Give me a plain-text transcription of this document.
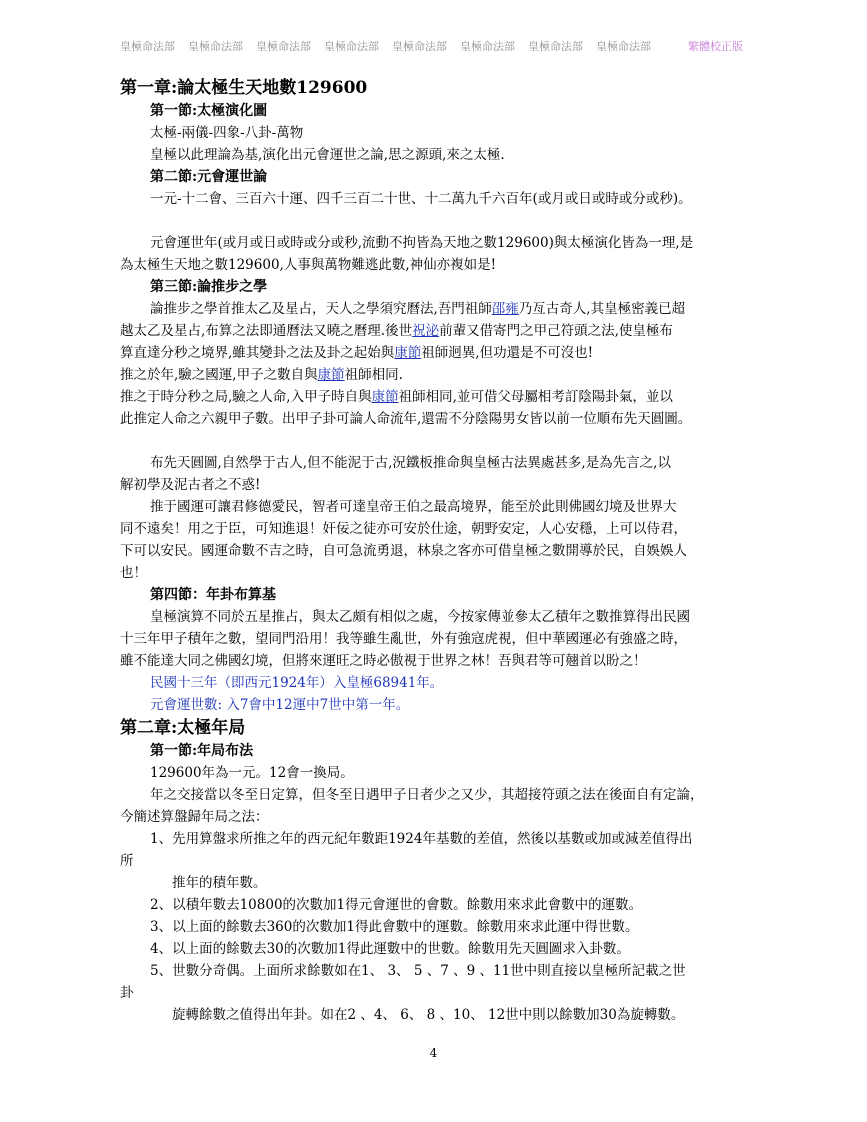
皇極命法部 皇極命法部 皇極命法部 皇極命法部 皇極命法部 皇極命法部 皇極命法部 皇極命法部	繁體校正版
第一章:論太極生天地數129600
第一節:太極演化圖
太極-兩儀-四象-八卦-萬物
皇極以此理論為基,演化出元會運世之論,思之源頭,來之太極.
第二節:元會運世論
一元-十二會、三百六十運、四千三百二十世、十二萬九千六百年(或月或日或時或分或秒)。
元會運世年(或月或日或時或分或秒,流動不拘皆為天地之數129600)與太極演化皆為一理,是
為太極生天地之數129600,人事與萬物難逃此數,神仙亦複如是!
第三節:論推步之學
論推步之學首推太乙及星占，天人之學須究曆法,吾門祖師邵雍乃亙古奇人,其皇極密義已超
越太乙及星占,布算之法即通曆法又曉之曆理.後世祝泌前輩又借寄門之甲己符頭之法,使皇極布
算直達分秒之境界,雖其變卦之法及卦之起始與康節祖師迥異,但功還是不可沒也!
推之於年,驗之國運,甲子之數自與康節祖師相同.
推之于時分秒之局,驗之人命,入甲子時自與康節祖師相同,並可借父母屬相考訂陰陽卦氣，並以
此推定人命之六親甲子數。出甲子卦可論人命流年,還需不分陰陽男女皆以前一位順布先天圓圖。
布先天圓圖,自然學于古人,但不能泥于古,況鐵板推命與皇極古法異處甚多,是為先言之,以
解初學及泥古者之不惑!
推于國運可讓君修德愛民，智者可達皇帝王伯之最高境界，能至於此則佛國幻境及世界大
同不遠矣！用之于臣，可知進退！奸佞之徒亦可安於仕途，朝野安定，人心安穩，上可以侍君，
下可以安民。國運命數不吉之時，自可急流勇退，林泉之客亦可借皇極之數開導於民，自娛娛人
也！
第四節：年卦布算基
皇極演算不同於五星推占，與太乙頗有相似之處，今按家傳並參太乙積年之數推算得出民國
十三年甲子積年之數，望同門沿用！我等雖生亂世，外有強寇虎視，但中華國運必有強盛之時，
雖不能達大同之佛國幻境，但將來運旺之時必傲視于世界之林！吾與君等可翹首以盼之！
民國十三年（即西元1924年）入皇極68941年。
元會運世數: 入7會中12運中7世中第一年。
第二章:太極年局
第一節:年局布法
129600年為一元。12會一換局。
年之交接當以冬至日定算，但冬至日遇甲子日者少之又少，其超接符頭之法在後面自有定論，
今簡述算盤歸年局之法：
1、先用算盤求所推之年的西元紀年數距1924年基數的差值，然後以基數或加或減差值得出
所
推年的積年數。
2、以積年數去10800的次數加1得元會運世的會數。餘數用來求此會數中的運數。
3、以上面的餘數去360的次數加1得此會數中的運數。餘數用來求此運中得世數。
4、以上面的餘數去30的次數加1得此運數中的世數。餘數用先天圓圖求入卦數。
5、世數分奇偶。上面所求餘數如在1、 3、 5 、7 、9 、11世中則直接以皇極所記載之世
卦
旋轉餘數之值得出年卦。如在2 、4、 6、 8 、10、 12世中則以餘數加30為旋轉數。
4
